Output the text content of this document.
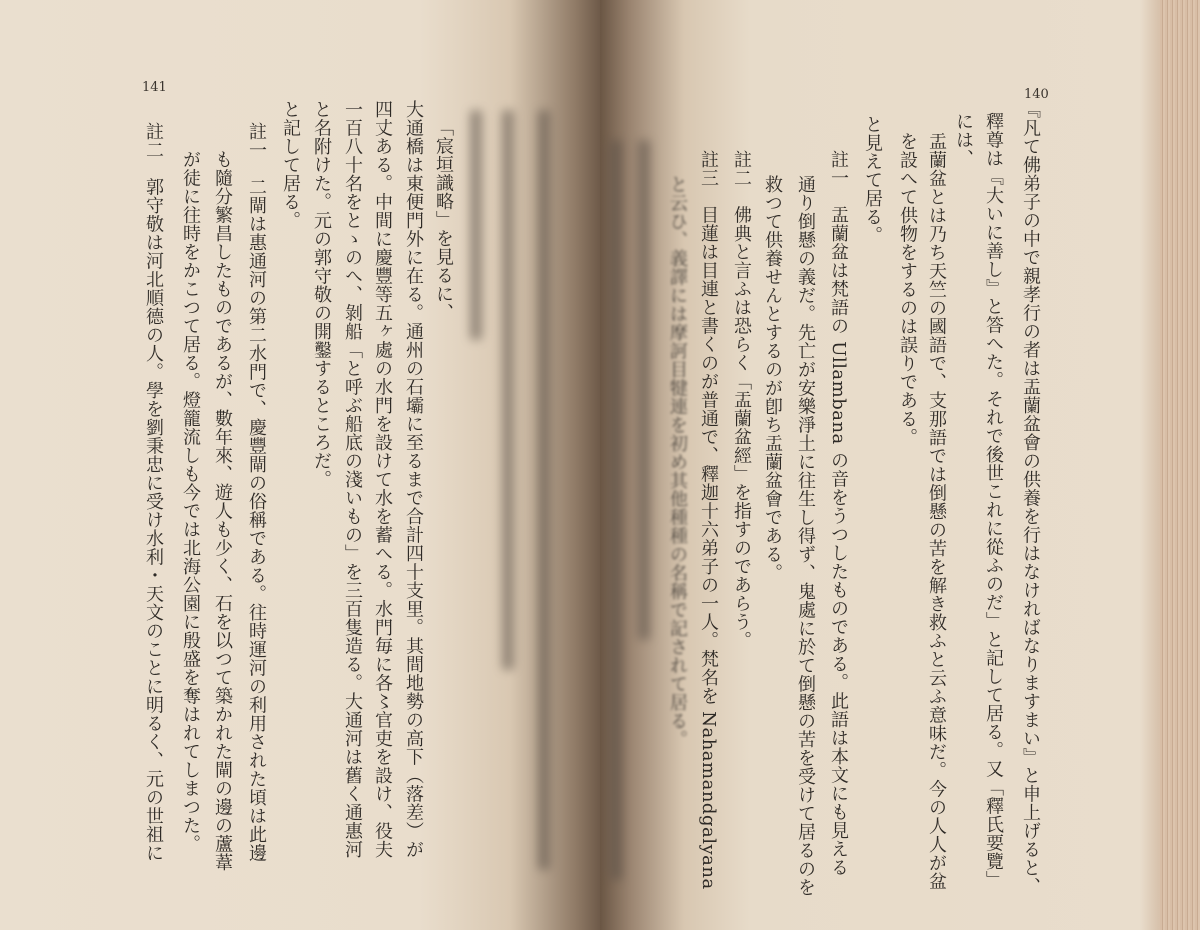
141
「宸垣識略」を見るに、
大通橋は東便門外に在る。通州の石壩に至るまで合計四十支里。其間地勢の高下（落差）が
四丈ある。中間に慶豐等五ヶ處の水門を設けて水を蓄へる。水門毎に各〻官吏を設け、役夫
一百八十名をとゝのへ、剝船「と呼ぶ船底の淺いもの」を三百隻造る。大通河は舊く通惠河
と名附けた。元の郭守敬の開鑿するところだ。
と記して居る。
註一　二閘は惠通河の第二水門で、慶豐閘の俗稱である。往時運河の利用された頃は此邊
も隨分繁昌したものであるが、數年來、遊人も少く、石を以つて築かれた閘の邊の蘆葦
が徒に往時をかこつて居る。燈籠流しも今では北海公園に殷盛を奪はれてしまつた。
註二　郭守敬は河北順德の人。學を劉秉忠に受け水利・天文のことに明るく、元の世祖に
140
『凡て佛弟子の中で親孝行の者は盂蘭盆會の供養を行はなければなりますまい』と申上げると、
釋尊は『大いに善し』と答へた。それで後世これに從ふのだ」と記して居る。又「釋氏要覽」
には、
盂蘭盆とは乃ち天竺の國語で、支那語では倒懸の苦を解き救ふと云ふ意味だ。今の人人が盆
を設へて供物をするのは誤りである。
と見えて居る。
註一　盂蘭盆は梵語の Ullambana の音をうつしたものである。此語は本文にも見える
通り倒懸の義だ。先亡が安樂淨土に往生し得ず、鬼處に於て倒懸の苦を受けて居るのを
救つて供養せんとするのが卽ち盂蘭盆會である。
註二　佛典と言ふは恐らく「盂蘭盆經」を指すのであらう。
註三　目蓮は目連と書くのが普通で、釋迦十六弟子の一人。梵名を Nahamandgalyana
と云ひ、義譯には摩訶目犍連を初め其他種種の名稱で記されて居る。
